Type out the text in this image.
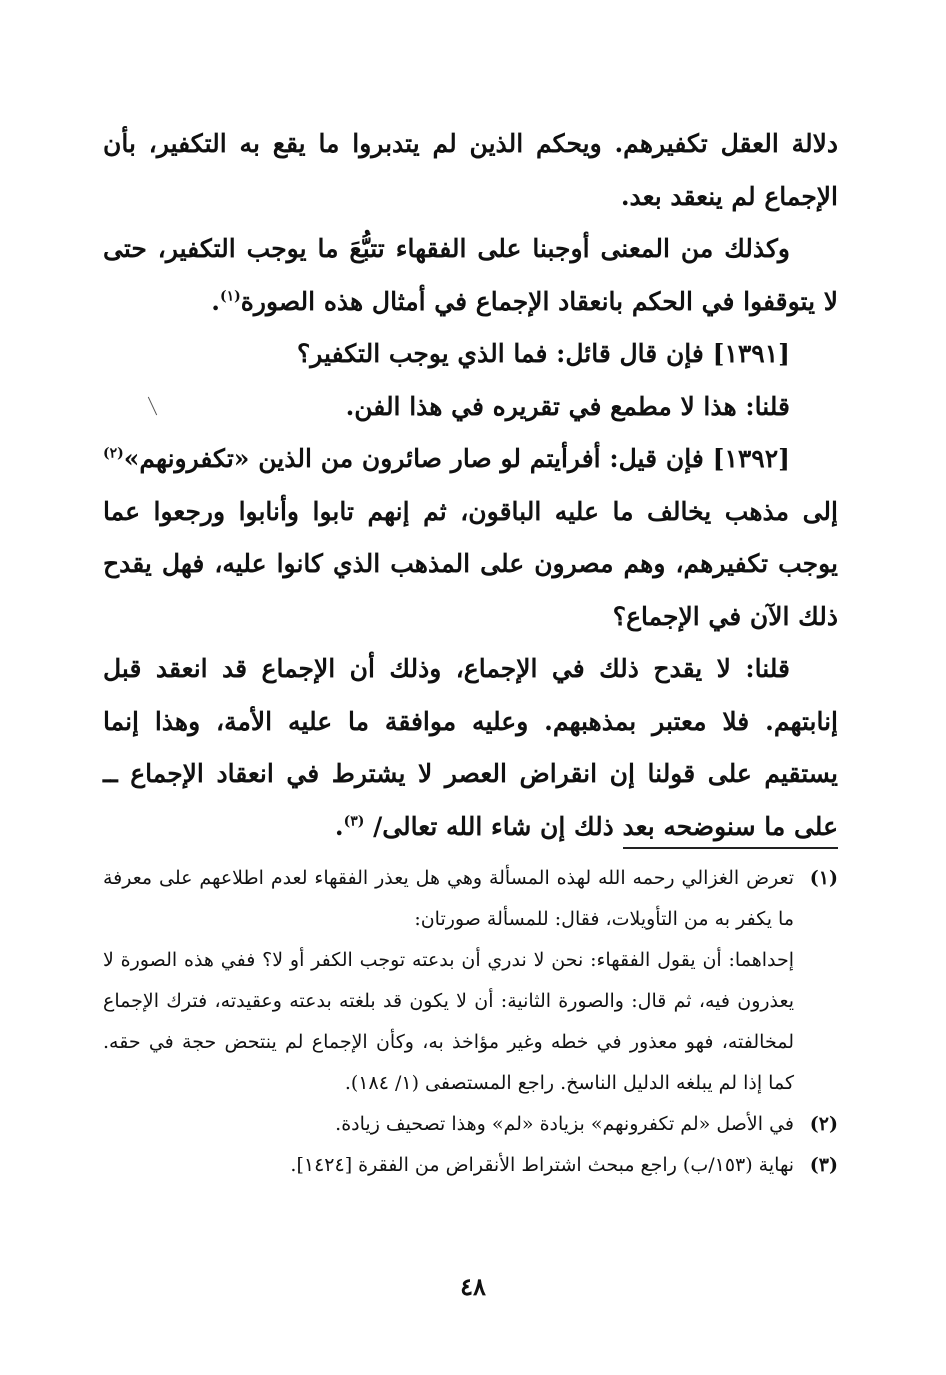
دلالة العقل تكفيرهم. ويحكم الذين لم يتدبروا ما يقع به التكفير، بأن الإجماع لم ينعقد بعد.

وكذلك من المعنى أوجبنا على الفقهاء تتبُّعَ ما يوجب التكفير، حتى لا يتوقفوا في الحكم بانعقاد الإجماع في أمثال هذه الصورة$^{(١)}$.

[١٣٩١] فإن قال قائل: فما الذي يوجب التكفير؟

قلنا: هذا لا مطمع في تقريره في هذا الفن.

[١٣٩٢] فإن قيل: أفرأيتم لو صار صائرون من الذين «تكفرونهم»$^{(٢)}$ إلى مذهب يخالف ما عليه الباقون، ثم إنهم تابوا وأنابوا ورجعوا عما يوجب تكفيرهم، وهم مصرون على المذهب الذي كانوا عليه، فهل يقدح ذلك الآن في الإجماع؟

قلنا: لا يقدح ذلك في الإجماع، وذلك أن الإجماع قد انعقد قبل إنابتهم. فلا معتبر بمذهبهم. وعليه موافقة ما عليه الأمة، وهذا إنما يستقيم على قولنا إن انقراض العصر لا يشترط في انعقاد الإجماع ــ على ما سنوضحه بعد ذلك إن شاء الله تعالى/ $^{(٣)}$.

(١)

تعرض الغزالي رحمه الله لهذه المسألة وهي هل يعذر الفقهاء لعدم اطلاعهم على معرفة ما يكفر به من التأويلات، فقال: للمسألة صورتان:

إحداهما: أن يقول الفقهاء: نحن لا ندري أن بدعته توجب الكفر أو لا؟ ففي هذه الصورة لا يعذرون فيه، ثم قال: والصورة الثانية: أن لا يكون قد بلغته بدعته وعقيدته، فترك الإجماع لمخالفته، فهو معذور في خطه وغير مؤاخذ به، وكأن الإجماع لم ينتحض حجة في حقه. كما إذا لم يبلغه الدليل الناسخ. راجع المستصفى (١/ ١٨٤).

(٢)

في الأصل «لم تكفرونهم» بزيادة «لم» وهذا تصحيف زيادة.

(٣)

نهاية (١٥٣/ب) راجع مبحث اشتراط الأنقراض من الفقرة [١٤٢٤].

٤٨
